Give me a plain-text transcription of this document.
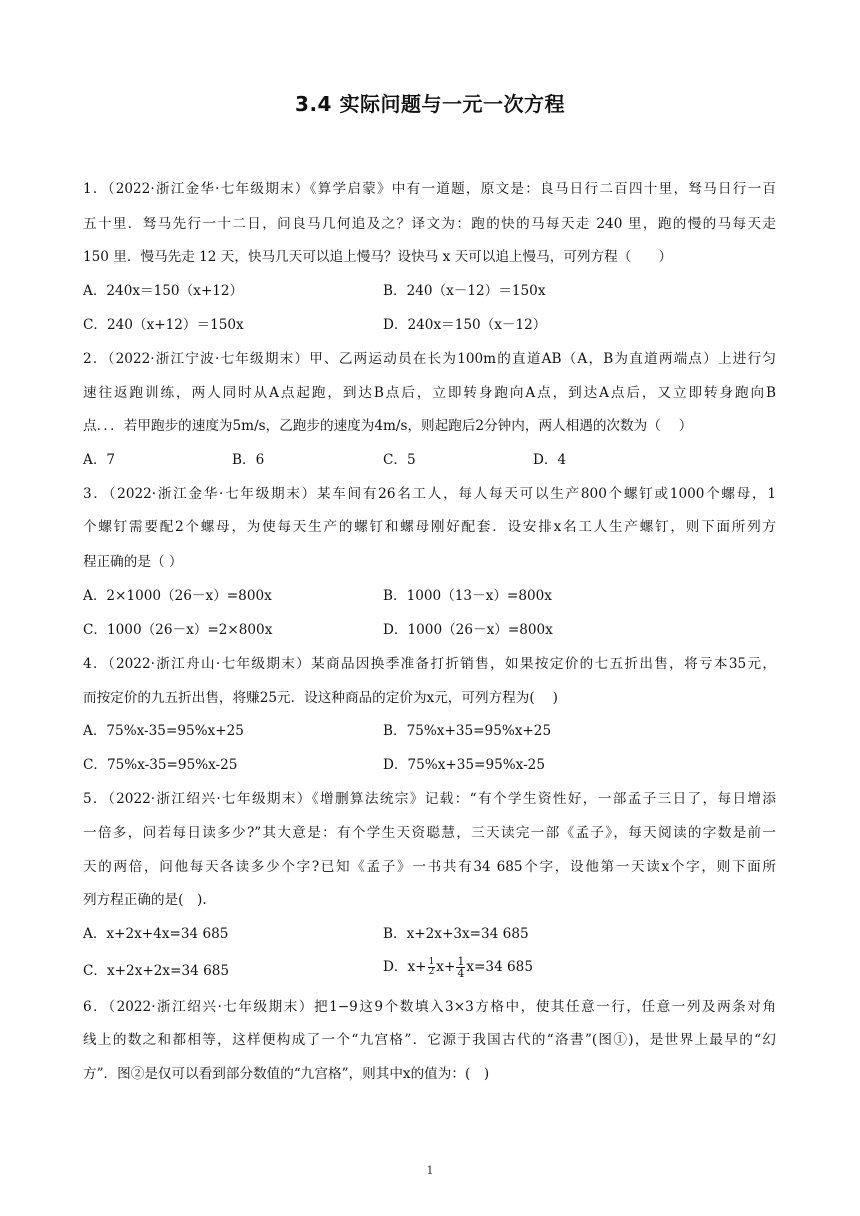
3.4 实际问题与一元一次方程
1．（2022·浙江金华·七年级期末）《算学启蒙》中有一道题，原文是：良马日行二百四十里，驽马日行一百
五十里．驽马先行一十二日，问良马几何追及之？译文为：跑的快的马每天走 240 里，跑的慢的马每天走
150 里．慢马先走 12 天，快马几天可以追上慢马？设快马 x 天可以追上慢马，可列方程（　　）
A．240x＝150（x+12）	B．240（x－12）＝150x
C．240（x+12）＝150x	D．240x＝150（x－12）
2．（2022·浙江宁波·七年级期末）甲、乙两运动员在长为100m的直道AB（A，B为直道两端点）上进行匀
速往返跑训练，两人同时从A点起跑，到达B点后，立即转身跑向A点，到达A点后，又立即转身跑向B
点．．．若甲跑步的速度为5m/s，乙跑步的速度为4m/s，则起跑后2分钟内，两人相遇的次数为（　 ）
A．7	B．6	C．5	D．4
3．（2022·浙江金华·七年级期末）某车间有26名工人，每人每天可以生产800个螺钉或1000个螺母，1
个螺钉需要配2个螺母，为使每天生产的螺钉和螺母刚好配套．设安排x名工人生产螺钉，则下面所列方
程正确的是（ ）
A．2×1000（26－x）=800x	B．1000（13－x）=800x
C．1000（26－x）=2×800x	D．1000（26－x）=800x
4．（2022·浙江舟山·七年级期末）某商品因换季准备打折销售，如果按定价的七五折出售，将亏本35元，
而按定价的九五折出售，将赚25元．设这种商品的定价为x元，可列方程为(　 )
A．75%x-35=95%x+25	B．75%x+35=95%x+25
C．75%x-35=95%x-25	D．75%x+35=95%x-25
5．（2022·浙江绍兴·七年级期末）《增删算法统宗》记载：“有个学生资性好，一部孟子三日了，每日增添
一倍多，问若每日读多少?”其大意是：有个学生天资聪慧，三天读完一部《孟子》，每天阅读的字数是前一
天的两倍，问他每天各读多少个字?已知《孟子》一书共有34 685个字，设他第一天读x个字，则下面所
列方程正确的是(　).
A．x+2x+4x=34 685	B．x+2x+3x=34 685
C．x+2x+2x=34 685	D．$x+ \frac{1}{2} x+ \frac{1}{4} x=34$ 685
6．（2022·浙江绍兴·七年级期末）把1−9这9个数填入3×3方格中，使其任意一行，任意一列及两条对角
线上的数之和都相等，这样便构成了一个“九宫格”．它源于我国古代的“洛書”(图①)，是世界上最早的“幻
方”．图②是仅可以看到部分数值的“九宫格”，则其中x的值为：(　)
1
